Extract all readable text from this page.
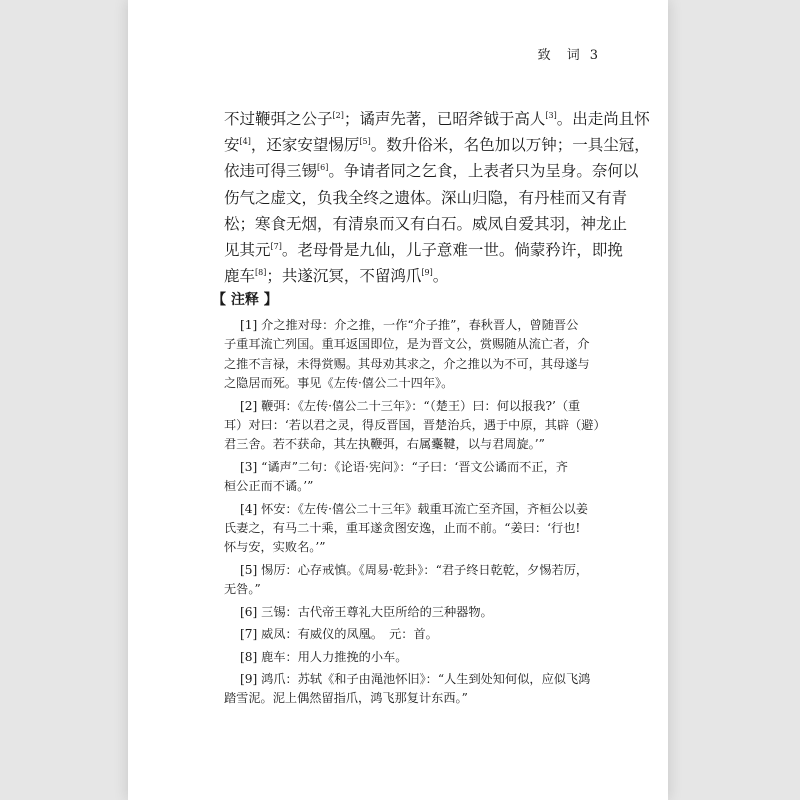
致 词 3
不过鞭弭之公子[2]；谲声先著，已昭斧钺于高人[3]。出走尚且怀
安[4]，还家安望惕厉[5]。数升俗米，名色加以万钟；一具尘冠，
依违可得三锡[6]。争请者同之乞食，上表者只为呈身。奈何以
伤气之虚文，负我全终之遗体。深山归隐，有丹桂而又有青
松；寒食无烟，有清泉而又有白石。威凤自爱其羽，神龙止
见其元[7]。老母骨是九仙，儿子意难一世。倘蒙矜许，即挽
鹿车[8]；共遂沉冥，不留鸿爪[9]。
【 注释 】
[1] 介之推对母：介之推，一作“介子推”，春秋晋人，曾随晋公
子重耳流亡列国。重耳返国即位，是为晋文公，赏赐随从流亡者，介
之推不言禄，未得赏赐。其母劝其求之，介之推以为不可，其母遂与
之隐居而死。事见《左传·僖公二十四年》。
[2] 鞭弭：《左传·僖公二十三年》：“（楚王）曰：何以报我?’（重
耳）对曰：‘若以君之灵，得反晋国，晋楚治兵，遇于中原，其辟（避）
君三舍。若不获命，其左执鞭弭，右属櫜鞬，以与君周旋。’”
[3] “谲声”二句：《论语·宪问》：“子曰：‘晋文公谲而不正，齐
桓公正而不谲。’”
[4] 怀安：《左传·僖公二十三年》载重耳流亡至齐国，齐桓公以姜
氏妻之，有马二十乘，重耳遂贪图安逸，止而不前。“姜曰：‘行也!
怀与安，实败名。’”
[5] 惕厉：心存戒慎。《周易·乾卦》：“君子终日乾乾，夕惕若厉，
无咎。”
[6] 三锡：古代帝王尊礼大臣所给的三种器物。
[7] 威凤：有威仪的凤凰。　元：首。
[8] 鹿车：用人力推挽的小车。
[9] 鸿爪：苏轼《和子由渑池怀旧》：“人生到处知何似，应似飞鸿
踏雪泥。泥上偶然留指爪，鸿飞那复计东西。”
